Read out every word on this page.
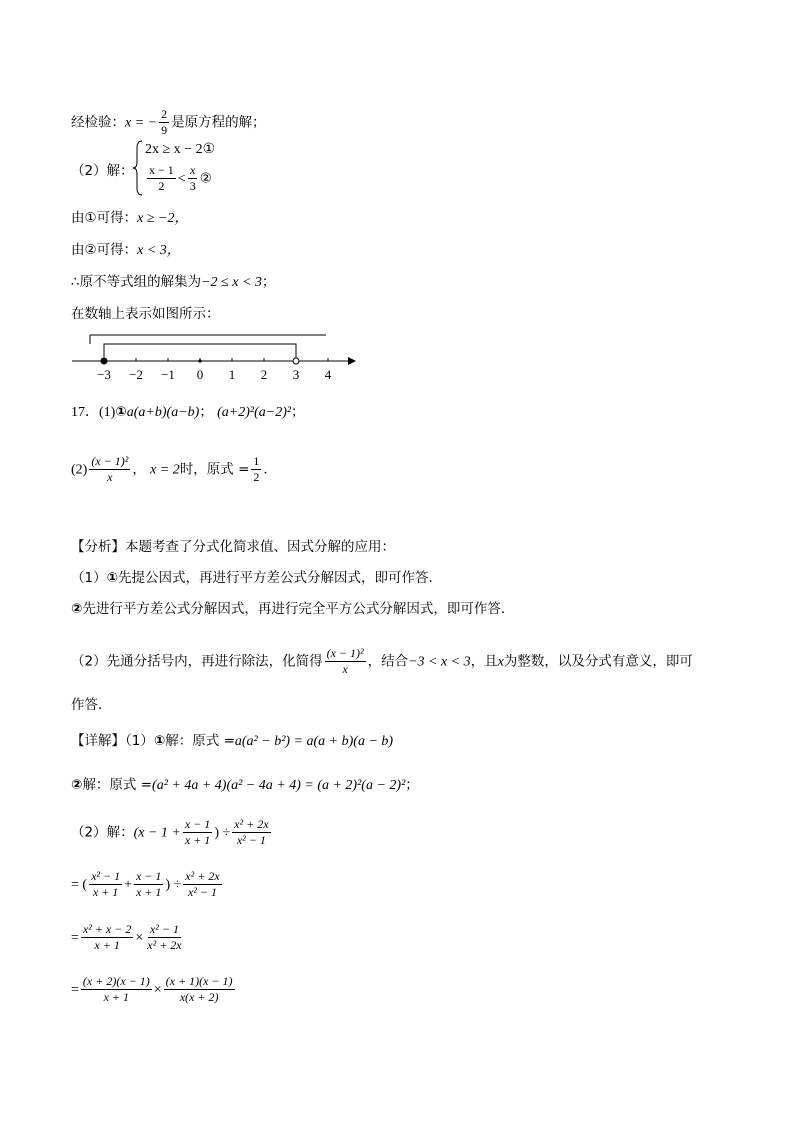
经检验：x = − $\frac{2}{9}$ 是原方程的解；
（2）解：
2x ≥ x − 2①
$\frac{x - 1}{2} < \frac{x}{3}$ ②
由①可得：x ≥ −2，
由②可得：x < 3，
∴原不等式组的解集为−2 ≤ x < 3；
在数轴上表示如图所示：
−3 −2 −1 0 1 2 3 4
17．(1)①a(a+b)(a−b)； (a+2)²(a−2)²；
$(2) \frac{\text{(x − 1)²}}{x}$ ， x = 2时，原式 = $\frac{1}{2}$ ．
【分析】本题考查了分式化简求值、因式分解的应用：
（1）①先提公因式，再进行平方差公式分解因式，即可作答．
②先进行平方差公式分解因式，再进行完全平方公式分解因式，即可作答．
（2）先通分括号内，再进行除法，化简得 $\frac{\text{(x − 1)²}}{x}$ ，结合−3 < x < 3，且x为整数，以及分式有意义，即可
作答．
【详解】（1）①解：原式 =a(a² − b²) = a(a + b)(a − b)
②解：原式 =(a² + 4a + 4)(a² − 4a + 4) = (a + 2)²(a − 2)²；
（2）解：($x - 1 + \frac{x - 1}{x + 1}$ ) ÷ $\frac{\text{x² + 2x}}{\text{x² − 1}}$
= ( $\frac{\text{x² − 1}}{x + 1} + \frac{x - 1}{x + 1}$ ) ÷ $\frac{\text{x² + 2x}}{\text{x² − 1}}$
= $\frac{\text{x² + x − 2}}{x + 1} \times \frac{\text{x² − 1}}{\text{x² + 2x}}$
= $\frac{(x + 2)(x - 1)}{x + 1} \times \frac{(x + 1)(x - 1)}{x(x + 2)}$
